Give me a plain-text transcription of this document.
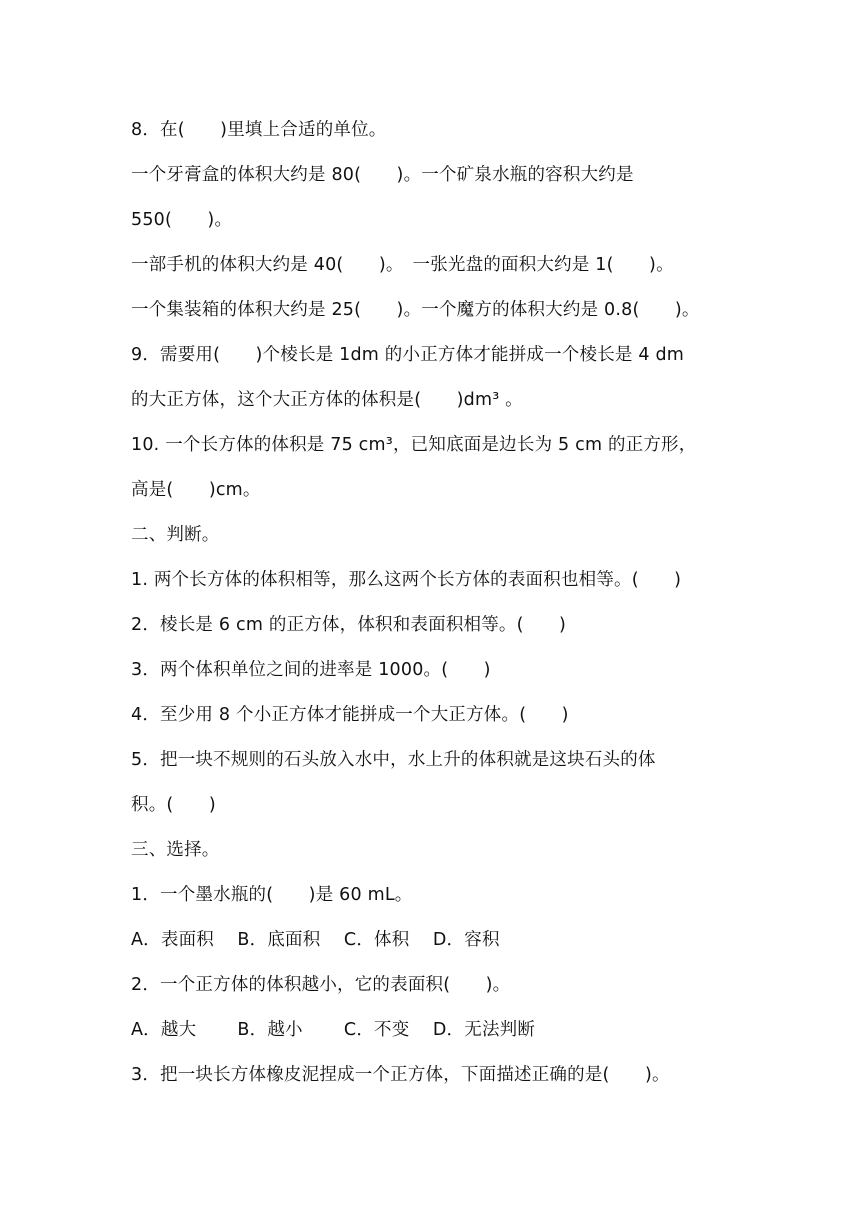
8．在(　　)里填上合适的单位。
一个牙膏盒的体积大约是 80(　　)。一个矿泉水瓶的容积大约是
550(　　)。
一部手机的体积大约是 40(　　)。　一张光盘的面积大约是 1(　　)。
一个集装箱的体积大约是 25(　　)。一个魔方的体积大约是 0.8(　　)。
9．需要用(　　)个棱长是 1dm 的小正方体才能拼成一个棱长是 4 dm
的大正方体，这个大正方体的体积是(　　)dm³ 。
10. 一个长方体的体积是 75 cm³，已知底面是边长为 5 cm 的正方形，
高是(　　)cm。
二、判断。
1. 两个长方体的体积相等，那么这两个长方体的表面积也相等。(　　)
2．棱长是 6 cm 的正方体，体积和表面积相等。(　　)
3．两个体积单位之间的进率是 1000。(　　)
4．至少用 8 个小正方体才能拼成一个大正方体。(　　)
5．把一块不规则的石头放入水中，水上升的体积就是这块石头的体
积。(　　)
三、选择。
1．一个墨水瓶的(　　)是 60 mL。
A．表面积　 B．底面积　 C．体积　 D．容积
2．一个正方体的体积越小，它的表面积(　　)。
A．越大　　 B．越小　　 C．不变　 D．无法判断
3．把一块长方体橡皮泥捏成一个正方体，下面描述正确的是(　　)。
